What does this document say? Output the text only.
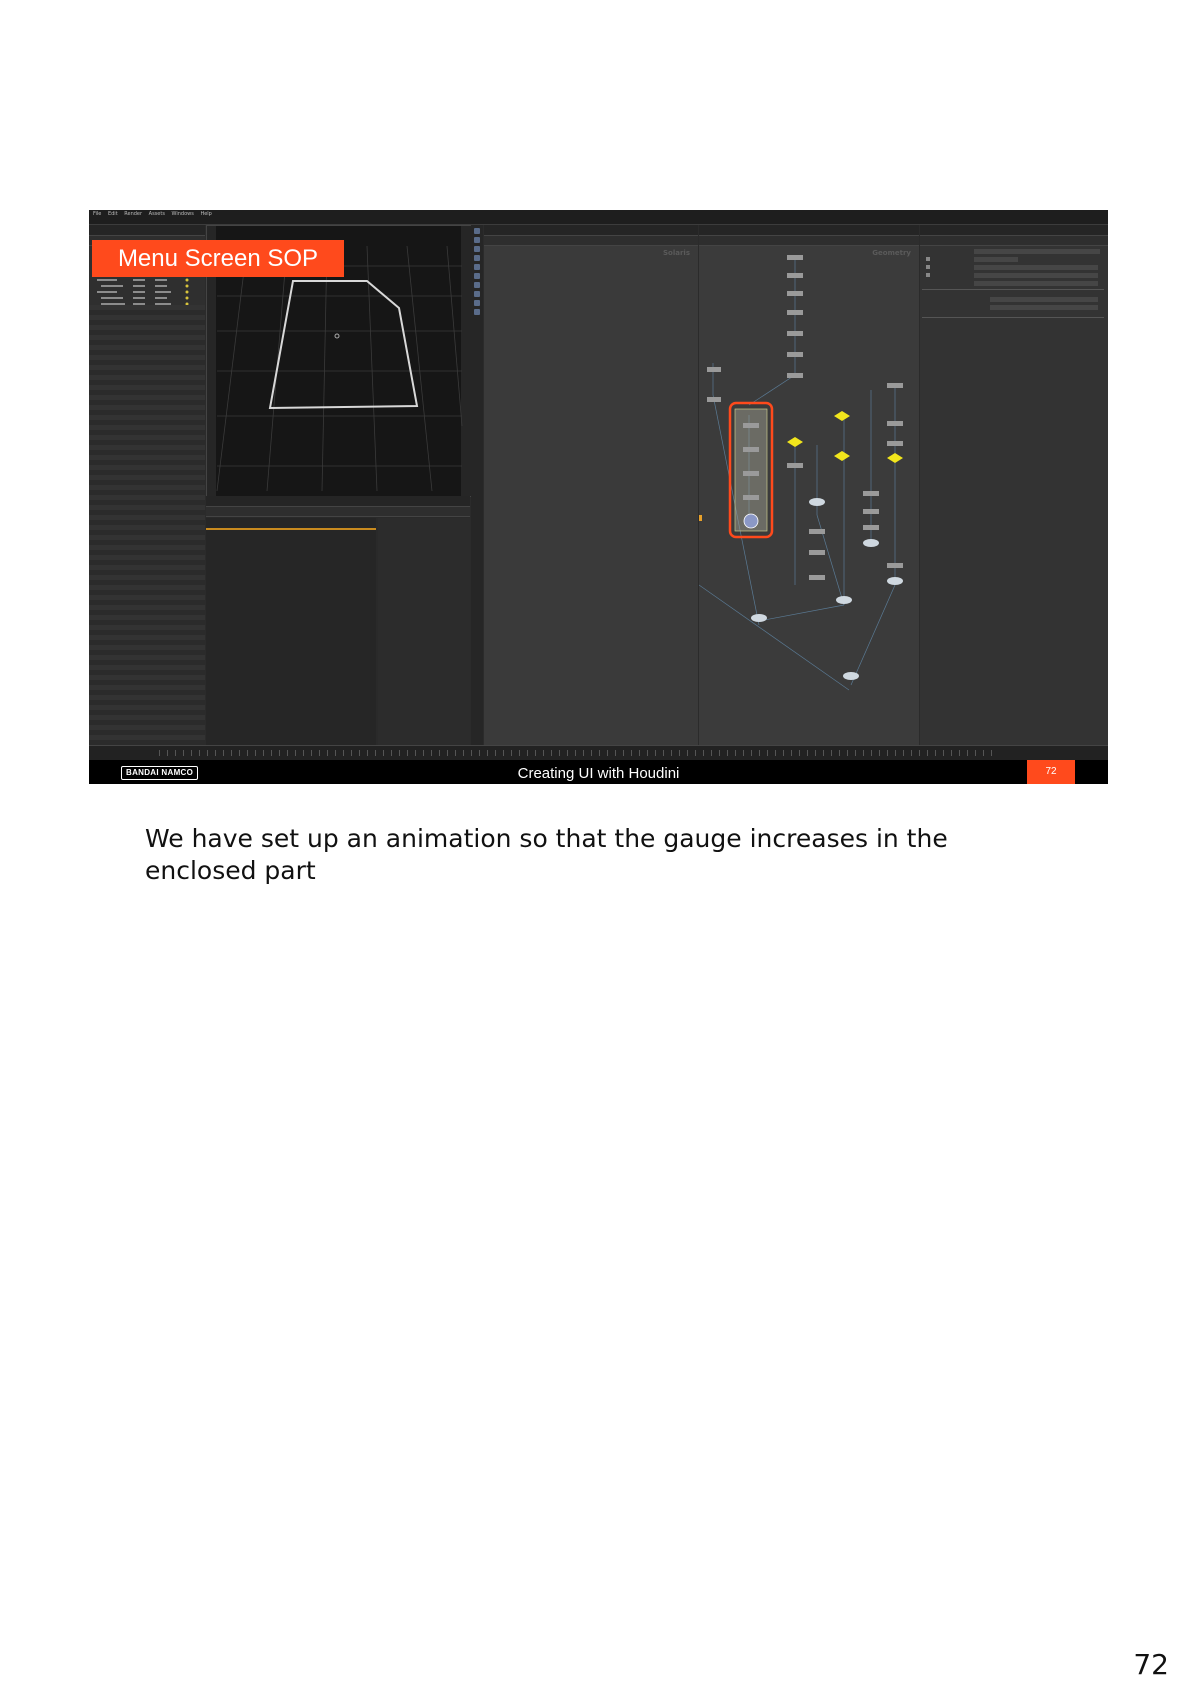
File Edit Render Assets Windows Help
Solaris	Geometry
BANDAI NAMCO	Creating UI with Houdini	72
Menu Screen SOP
We have set up an animation so that the gauge increases in the enclosed part
72
